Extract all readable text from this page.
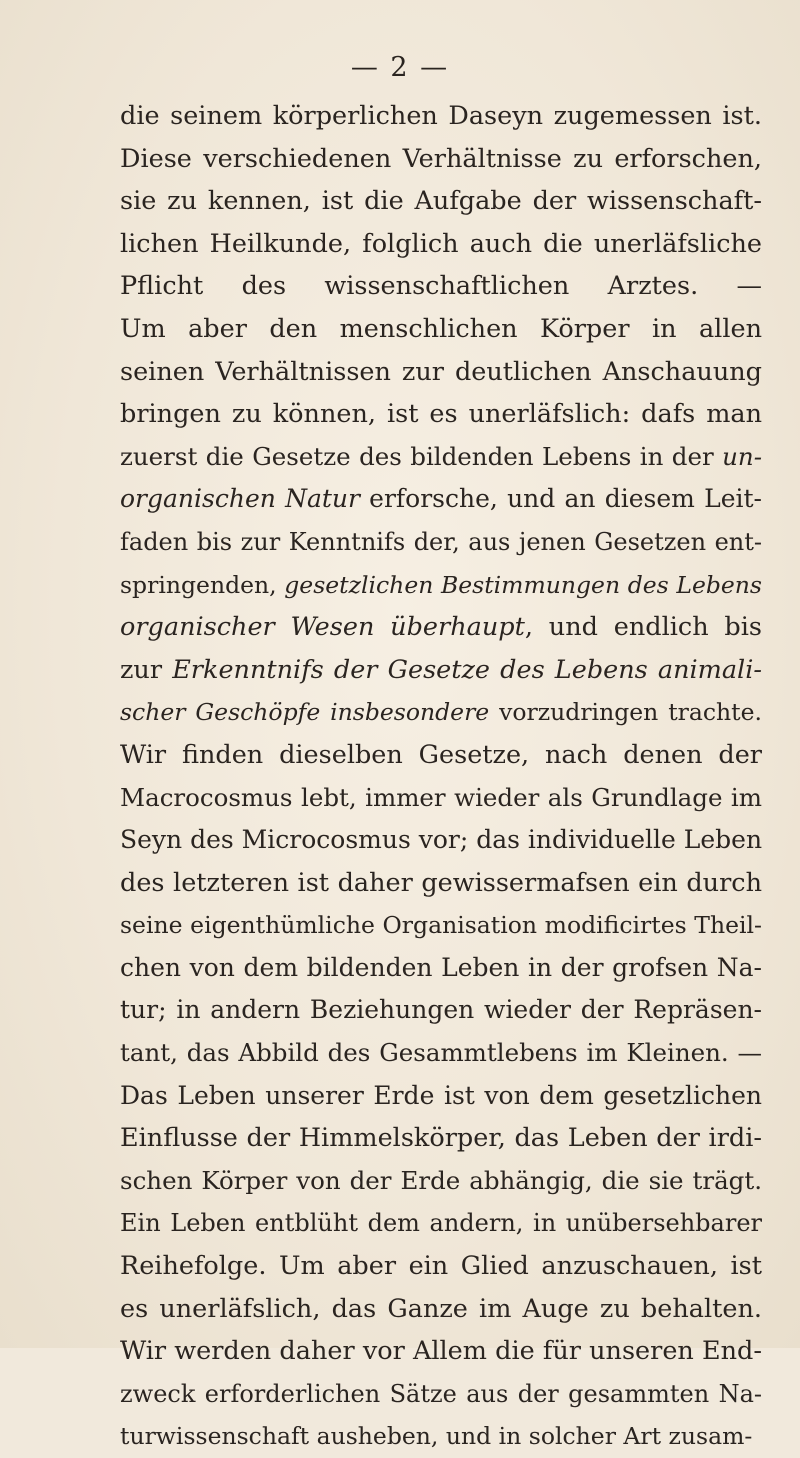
— 2 —
die seinem körperlichen Daseyn zugemessen ist.
Diese verschiedenen Verhältnisse zu erforschen,
sie zu kennen, ist die Aufgabe der wissenschaft-
lichen Heilkunde, folglich auch die unerläfsliche
Pflicht des wissenschaftlichen Arztes. —
Um aber den menschlichen Körper in allen
seinen Verhältnissen zur deutlichen Anschauung
bringen zu können, ist es unerläfslich: dafs man
zuerst die Gesetze des bildenden Lebens in der un-
organischen Natur erforsche, und an diesem Leit-
faden bis zur Kenntnifs der, aus jenen Gesetzen ent-
springenden, gesetzlichen Bestimmungen des Lebens
organischer Wesen überhaupt, und endlich bis
zur Erkenntnifs der Gesetze des Lebens animali-
scher Geschöpfe insbesondere vorzudringen trachte.
Wir finden dieselben Gesetze, nach denen der
Macrocosmus lebt, immer wieder als Grundlage im
Seyn des Microcosmus vor; das individuelle Leben
des letzteren ist daher gewissermafsen ein durch
seine eigenthümliche Organisation modificirtes Theil-
chen von dem bildenden Leben in der grofsen Na-
tur; in andern Beziehungen wieder der Repräsen-
tant, das Abbild des Gesammtlebens im Kleinen. —
Das Leben unserer Erde ist von dem gesetzlichen
Einflusse der Himmelskörper, das Leben der irdi-
schen Körper von der Erde abhängig, die sie trägt.
Ein Leben entblüht dem andern, in unübersehbarer
Reihefolge. Um aber ein Glied anzuschauen, ist
es unerläfslich, das Ganze im Auge zu behalten.
Wir werden daher vor Allem die für unseren End-
zweck erforderlichen Sätze aus der gesammten Na-
turwissenschaft ausheben, und in solcher Art zusam-
